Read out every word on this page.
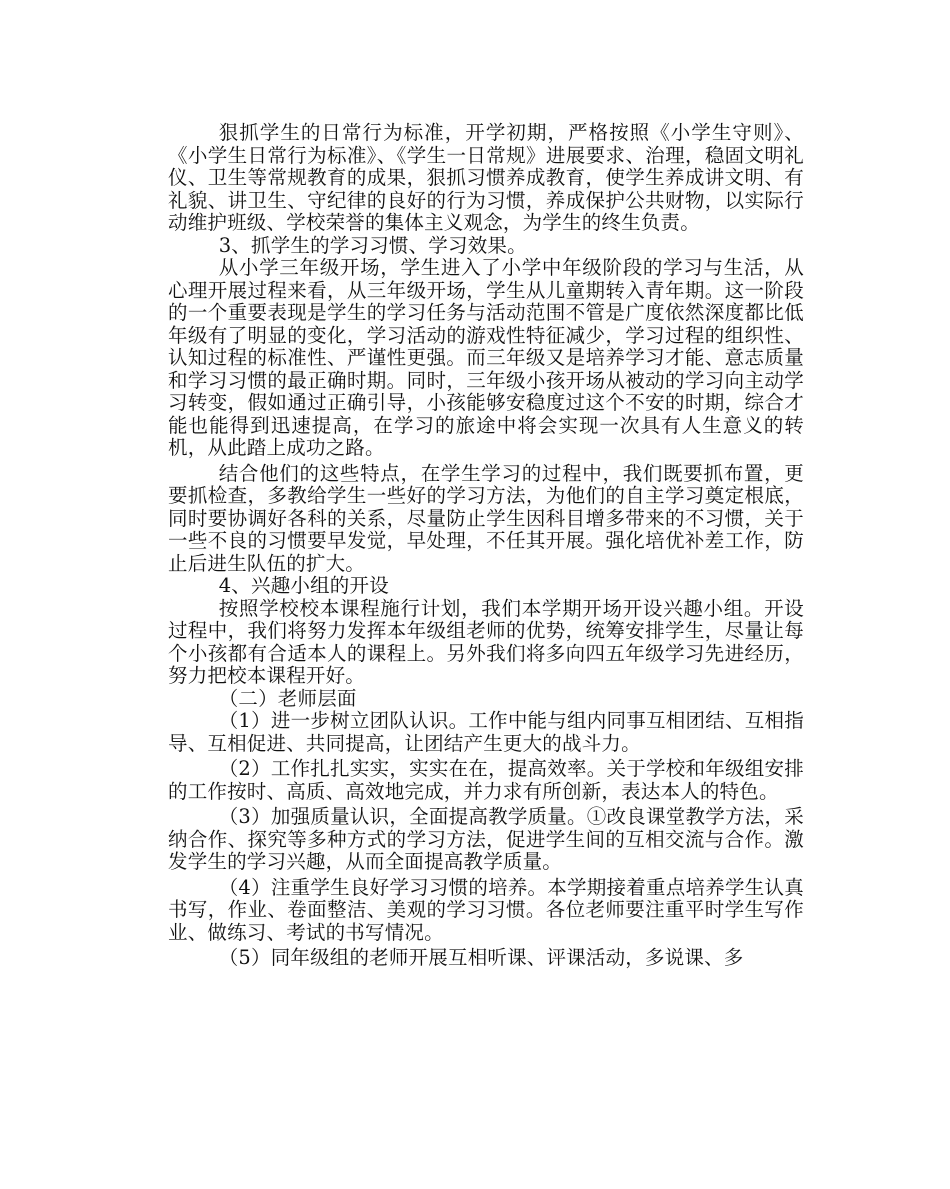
狠抓学生的日常行为标准，开学初期，严格按照《小学生守则》、《小学生日常行为标准》、《学生一日常规》进展要求、治理，稳固文明礼仪、卫生等常规教育的成果，狠抓习惯养成教育，使学生养成讲文明、有礼貌、讲卫生、守纪律的良好的行为习惯，养成保护公共财物，以实际行动维护班级、学校荣誉的集体主义观念，为学生的终生负责。

3、抓学生的学习习惯、学习效果。

从小学三年级开场，学生进入了小学中年级阶段的学习与生活，从心理开展过程来看，从三年级开场，学生从儿童期转入青年期。这一阶段的一个重要表现是学生的学习任务与活动范围不管是广度依然深度都比低年级有了明显的变化，学习活动的游戏性特征减少，学习过程的组织性、认知过程的标准性、严谨性更强。而三年级又是培养学习才能、意志质量和学习习惯的最正确时期。同时，三年级小孩开场从被动的学习向主动学习转变，假如通过正确引导，小孩能够安稳度过这个不安的时期，综合才能也能得到迅速提高，在学习的旅途中将会实现一次具有人生意义的转机，从此踏上成功之路。

结合他们的这些特点，在学生学习的过程中，我们既要抓布置，更要抓检查，多教给学生一些好的学习方法，为他们的自主学习奠定根底，同时要协调好各科的关系，尽量防止学生因科目增多带来的不习惯，关于一些不良的习惯要早发觉，早处理，不任其开展。强化培优补差工作，防止后进生队伍的扩大。

4、兴趣小组的开设

按照学校校本课程施行计划，我们本学期开场开设兴趣小组。开设过程中，我们将努力发挥本年级组老师的优势，统筹安排学生，尽量让每个小孩都有合适本人的课程上。另外我们将多向四五年级学习先进经历，努力把校本课程开好。

（二）老师层面

（1）进一步树立团队认识。工作中能与组内同事互相团结、互相指导、互相促进、共同提高，让团结产生更大的战斗力。

（2）工作扎扎实实，实实在在，提高效率。关于学校和年级组安排的工作按时、高质、高效地完成，并力求有所创新，表达本人的特色。

（3）加强质量认识，全面提高教学质量。①改良课堂教学方法，采纳合作、探究等多种方式的学习方法，促进学生间的互相交流与合作。激发学生的学习兴趣，从而全面提高教学质量。

（4）注重学生良好学习习惯的培养。本学期接着重点培养学生认真书写，作业、卷面整洁、美观的学习习惯。各位老师要注重平时学生写作业、做练习、考试的书写情况。

（5）同年级组的老师开展互相听课、评课活动，多说课、多
